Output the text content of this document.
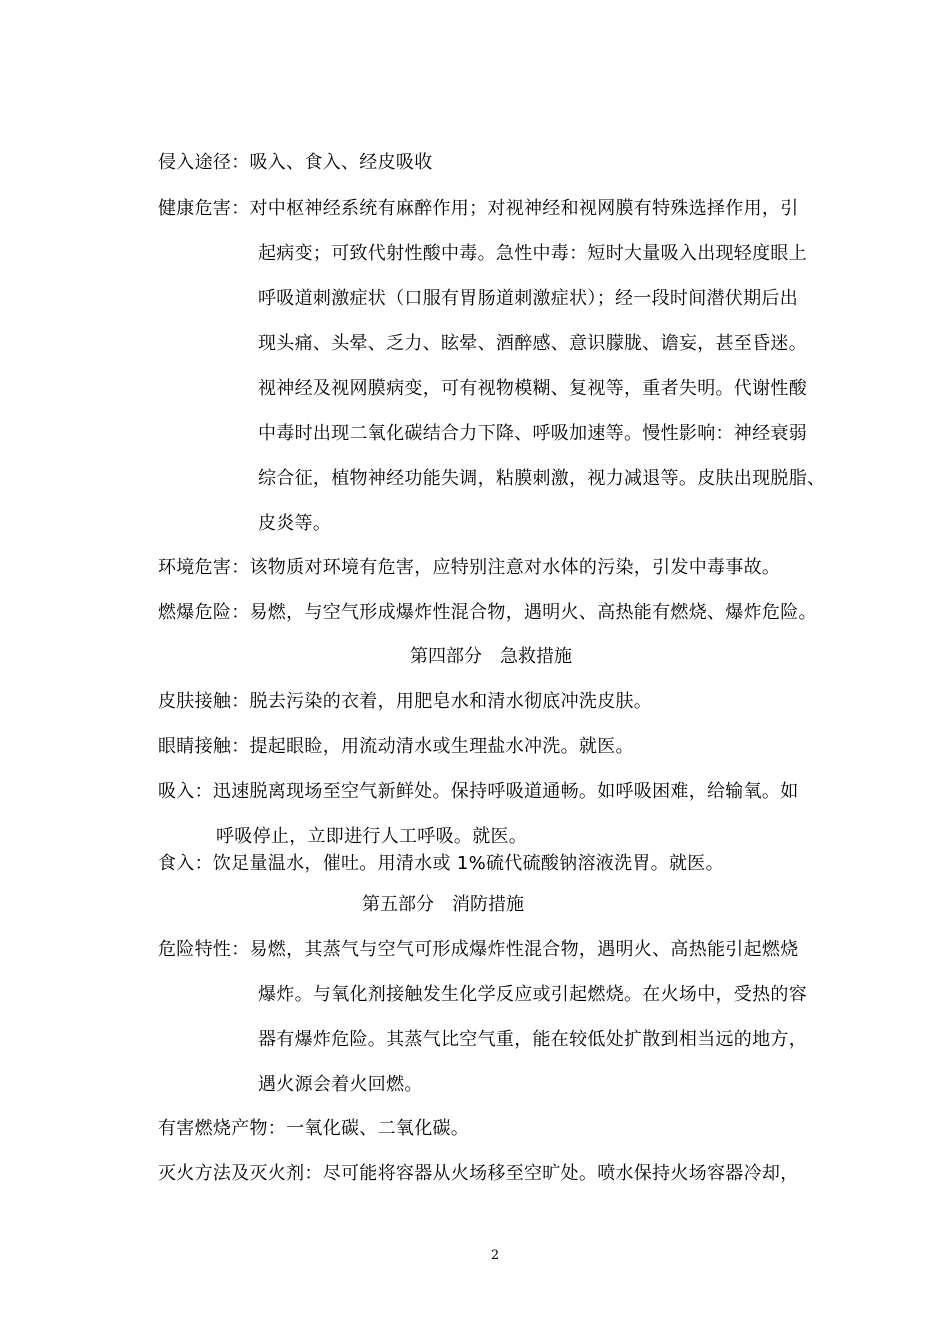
侵入途径：吸入、食入、经皮吸收
健康危害：对中枢神经系统有麻醉作用；对视神经和视网膜有特殊选择作用，引
起病变；可致代射性酸中毒。急性中毒：短时大量吸入出现轻度眼上
呼吸道刺激症状（口服有胃肠道刺激症状）；经一段时间潜伏期后出
现头痛、头晕、乏力、眩晕、酒醉感、意识朦胧、谵妄，甚至昏迷。
视神经及视网膜病变，可有视物模糊、复视等，重者失明。代谢性酸
中毒时出现二氧化碳结合力下降、呼吸加速等。慢性影响：神经衰弱
综合征，植物神经功能失调，粘膜刺激，视力减退等。皮肤出现脱脂、
皮炎等。
环境危害：该物质对环境有危害，应特别注意对水体的污染，引发中毒事故。
燃爆危险：易燃，与空气形成爆炸性混合物，遇明火、高热能有燃烧、爆炸危险。
第四部分　急救措施
皮肤接触：脱去污染的衣着，用肥皂水和清水彻底冲洗皮肤。
眼睛接触：提起眼睑，用流动清水或生理盐水冲洗。就医。
吸入：迅速脱离现场至空气新鲜处。保持呼吸道通畅。如呼吸困难，给输氧。如
呼吸停止，立即进行人工呼吸。就医。
食入：饮足量温水，催吐。用清水或 1%硫代硫酸钠溶液洗胃。就医。
第五部分　消防措施
危险特性：易燃，其蒸气与空气可形成爆炸性混合物，遇明火、高热能引起燃烧
爆炸。与氧化剂接触发生化学反应或引起燃烧。在火场中，受热的容
器有爆炸危险。其蒸气比空气重，能在较低处扩散到相当远的地方，
遇火源会着火回燃。
有害燃烧产物：一氧化碳、二氧化碳。
灭火方法及灭火剂：尽可能将容器从火场移至空旷处。喷水保持火场容器冷却，
2
